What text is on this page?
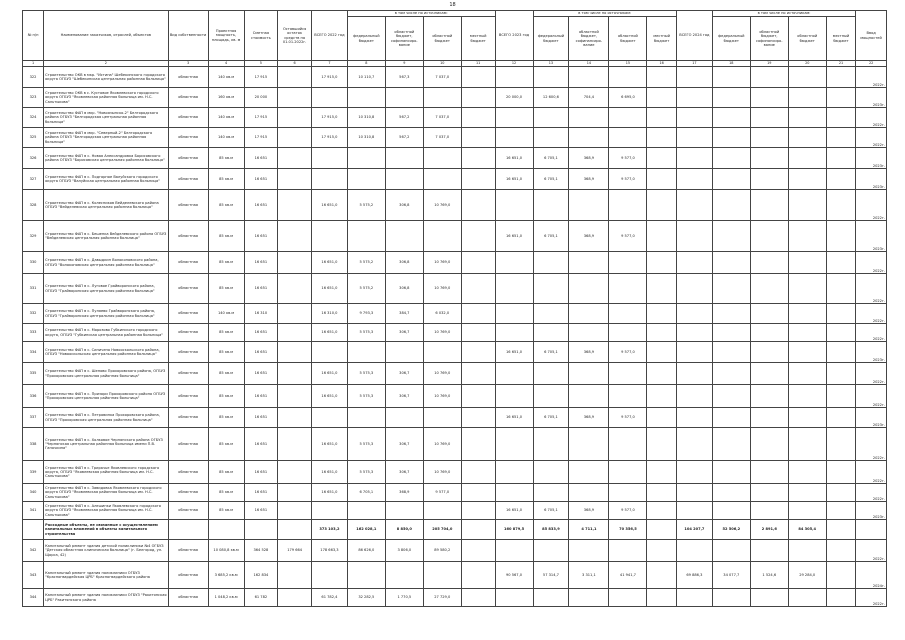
18
№ п/п	Наименование заказчиков, отраслей, объектов	Вид собственности	Проектная мощность, площадь, кв. м	Сметная стоимость	Оставшийся остаток средств на 01.01.2022г.	ВСЕГО 2022 год	в том числе по источникам:				ВСЕГО 2023 год	в том числе по источникам:				ВСЕГО 2024 год	в том числе по источникам:				Ввод мощностей
							федеральный бюджет	областной бюджет, софинансиро-вание	областной бюджет	местный бюджет		федеральный бюджет	областной бюджет, софинансиро-вание	областной бюджет	местный бюджет		федеральный бюджет	областной бюджет, софинансиро-вание	областной бюджет	местный бюджет	
1	2	3	4	5	6	7	8	9	10	11	12	13	14	15	16	17	18	19	20	21	22
322	Строительство ОКВ в мкр. "Истина" Шебекинского городского округа ОГБУЗ "Шебекинская центральная районная больница"	областная	140 кв.м	17 915		17 915,0	10 110,7	567,3	7 037,0												2022г.
323	Строительство ОКВ в с. Кустовое Яковлевского городского округа ОГБУЗ "Яковлевская районная больница им. Н.С. Сальтыкова"	областная	160 кв.м	20 000							20 000,0	12 600,6	704,4	6 695,0							2023г.
324	Строительство ФАП в мкр. "Новоязынско-2" Белгородского района ОГБУЗ "Белгородская центральная районная больница"	областная	140 кв.м	17 915		17 915,0	10 310,8	567,2	7 037,0												2022г.
325	Строительство ФАП в мкр. "Северный-2" Белгородского района ОГБУЗ "Белгородская центральная районная больница"	областная	140 кв.м	17 915		17 915,0	10 310,8	567,2	7 037,0												2022г.
326	Строительство ФАП в с. Новая Александровка Борисовского района ОГБУЗ "Борисовская центральная районная больница"	областная	85 кв.м	16 651							16 651,0	6 705,1	368,9	9 577,0							2023г.
327	Строительство ФАП в с. Подгорное Валуйского городского округа ОГБУЗ "Валуйская центральная районная больница"	областная	85 кв.м	16 651							16 651,0	6 705,1	368,9	9 577,0							2023г.
328	Строительство ФАП в с. Колесников Вейделевского района ОГБУЗ "Вейделевская центральная районная больница"	областная	85 кв.м	16 651		16 651,0	5 575,2	306,8	10 769,0												2022г.
329	Строительство ФАП в с. Бешенка Вейделевского района ОГБУЗ "Вейделевская центральная районная больница"	областная	85 кв.м	16 651							16 651,0	6 705,1	368,9	9 577,0							2023г.
330	Строительство ФАП в с. Давыдкин Волоконовского района, ОГБУЗ "Волоконовская центральная районная больница"	областная	85 кв.м	16 651		16 651,0	5 575,2	306,8	10 769,0												2022г.
331	Строительство ФАП в с. Луговое Грайворонского района, ОГБУЗ "Грайворонская центральная районная больница"	областная	85 кв.м	16 651		16 651,0	5 575,2	306,8	10 769,0												2022г.
332	Строительство ФАП в с. Пуляево Грайворонского района, ОГБУЗ "Грайворонская центральная районная больница"	областная	140 кв.м	16 310		16 310,0	9 793,3	384,7	6 032,0												2022г.
333	Строительство ФАП в с. Морозово Губкинского городского округа, ОГБУЗ "Губкинская центральная районная больница"	областная	85 кв.м	16 651		16 651,0	5 575,3	306,7	10 769,0												2022г.
334	Строительство ФАП в с. Синичено Новооскольского района, ОГБУЗ "Новооскольская центральная районная больница"	областная	85 кв.м	16 651							16 651,0	6 705,1	368,9	9 577,0							2023г.
335	Строительство ФАП в с. Шеново Прохоровского района, ОГБУЗ "Прохоровская центральная районная больница"	областная	85 кв.м	16 651		16 651,0	5 575,3	306,7	10 769,0												2022г.
336	Строительство ФАП в с. Призори Прохоровского района ОГБУЗ "Прохоровская центральная районная больница"	областная	85 кв.м	16 651		16 651,0	5 575,3	306,7	10 769,0												2022г.
337	Строительство ФАП в с. Петровинка Прохоровского района, ОГБУЗ "Прохоровская центральная районная больница"	областная	85 кв.м	16 651							16 651,0	6 705,1	368,9	9 577,0							2023г.
338	Строительство ФАП в с. Холковое Чернянского района ОГБУЗ "Чернянская центральная районная больница имени П.В. Гапочкина"	областная	85 кв.м	16 651		16 651,0	5 575,3	306,7	10 769,0												2022г.
339	Строительство ФАП в с. Трирачье Яковлевского городского округа, ОГБУЗ "Яковлевская районная больница им. Н.С. Сальтыкова"	областная	85 кв.м	16 651		16 651,0	5 575,3	306,7	10 769,0												2022г.
340	Строительство ФАП в с. Завидовка Яковлевского городского округа ОГБУЗ "Яковлевская районная больница им. Н.С. Сальтыкова"	областная	85 кв.м	16 651		16 651,0	6 705,1	368,9	9 577,0												2022г.
341	Строительство ФАП в с. Алешинки Яковлевского городского округа ОГБУЗ "Яковлевская районная больница им. Н.С. Сальтыкова"	областная	85 кв.м	16 651							16 651,0	6 705,1	368,9	9 577,0							2023г.
	Расходные объекты, не связанные с осуществлением капитальных вложений в объекты капитального строительства					373 103,2	162 028,1	8 850,0	205 704,0		160 879,5	85 833,9	4 711,1	70 356,5		104 207,7	52 506,2	2 891,6	84 305,4		
342	Капитальный ремонт здания детской поликлиники №4 ОГБУЗ "Детская областная клиническая больница" (г. Белгород, ул. Щорса, 42)	областная	10 080,8 кв.м	364 528	179 664	178 663,3	86 626,0	3 806,0	89 580,2												2022г.
343	Капитальный ремонт здания поликлиники ОГБУЗ "Красногвардейская ЦРБ" Красногвардейского района	областная	3 685,2 кв.м	162 834							90 567,0	57 314,7	3 311,1	41 941,7		69 886,3	34 077,7	1 524,6	29 284,0		2024г.
344	Капитальный ремонт здания поликлиники ОГБУЗ "Ракитянская ЦРБ" Ракитянского района	областная	1 048,2 кв.м	61 782		61 782,4	32 282,5	1 770,5	27 729,0												2022г.
